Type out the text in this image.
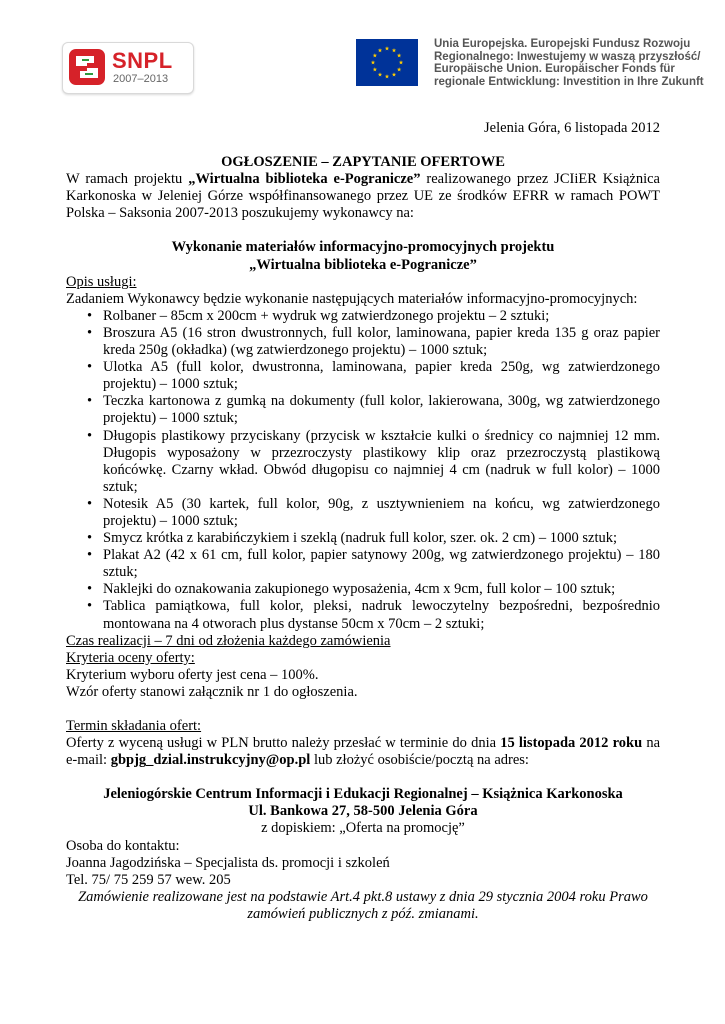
SNPL
2007–2013
Unia Europejska. Europejski Fundusz Rozwoju
Regionalnego: Inwestujemy w waszą przyszłość/
Europäische Union. Europäischer Fonds für
regionale Entwicklung: Investition in Ihre Zukunft

Jelenia Góra, 6 listopada 2012

OGŁOSZENIE – ZAPYTANIE OFERTOWE

W ramach projektu „Wirtualna biblioteka e-Pogranicze” realizowanego przez JCIiER Książnica Karkonoska w Jeleniej Górze współfinansowanego przez UE ze środków EFRR w ramach POWT Polska – Saksonia 2007-2013 poszukujemy wykonawcy na:

Wykonanie materiałów informacyjno-promocyjnych projektu

„Wirtualna biblioteka e-Pogranicze”

Opis usługi:

Zadaniem Wykonawcy będzie wykonanie następujących materiałów informacyjno-promocyjnych:

• Rolbaner – 85cm x 200cm + wydruk wg zatwierdzonego projektu – 2 sztuki;
• Broszura A5 (16 stron dwustronnych, full kolor, laminowana, papier kreda 135 g oraz papier kreda 250g (okładka) (wg zatwierdzonego projektu) – 1000 sztuk;
• Ulotka A5 (full kolor, dwustronna, laminowana, papier kreda 250g, wg zatwierdzonego projektu) – 1000 sztuk;
• Teczka kartonowa z gumką na dokumenty (full kolor, lakierowana, 300g, wg zatwierdzonego projektu) – 1000 sztuk;
• Długopis plastikowy przyciskany (przycisk w kształcie kulki o średnicy co najmniej 12 mm. Długopis wyposażony w przezroczysty plastikowy klip oraz przezroczystą plastikową końcówkę. Czarny wkład. Obwód długopisu co najmniej 4 cm (nadruk w full kolor) – 1000 sztuk;
• Notesik A5 (30 kartek, full kolor, 90g, z usztywnieniem na końcu, wg zatwierdzonego projektu) – 1000 sztuk;
• Smycz krótka z karabińczykiem i szeklą (nadruk full kolor, szer. ok. 2 cm) – 1000 sztuk;
• Plakat A2 (42 x 61 cm, full kolor, papier satynowy 200g, wg zatwierdzonego projektu) – 180 sztuk;
• Naklejki do oznakowania zakupionego wyposażenia, 4cm x 9cm, full kolor – 100 sztuk;
• Tablica pamiątkowa, full kolor, pleksi, nadruk lewoczytelny bezpośredni, bezpośrednio montowana na 4 otworach plus dystanse 50cm x 70cm – 2 sztuki;

Czas realizacji – 7 dni od złożenia każdego zamówienia

Kryteria oceny oferty:

Kryterium wyboru oferty jest cena – 100%.

Wzór oferty stanowi załącznik nr 1 do ogłoszenia.

Termin składania ofert:

Oferty z wyceną usługi w PLN brutto należy przesłać w terminie do dnia 15 listopada 2012 roku na e-mail: gbpjg_dzial.instrukcyjny@op.pl lub złożyć osobiście/pocztą na adres:

Jeleniogórskie Centrum Informacji i Edukacji Regionalnej – Książnica Karkonoska

Ul. Bankowa 27, 58-500 Jelenia Góra

z dopiskiem: „Oferta na promocję”

Osoba do kontaktu:

Joanna Jagodzińska – Specjalista ds. promocji i szkoleń

Tel. 75/ 75 259 57 wew. 205

Zamówienie realizowane jest na podstawie Art.4 pkt.8 ustawy z dnia 29 stycznia 2004 roku Prawo

zamówień publicznych z póź. zmianami.
